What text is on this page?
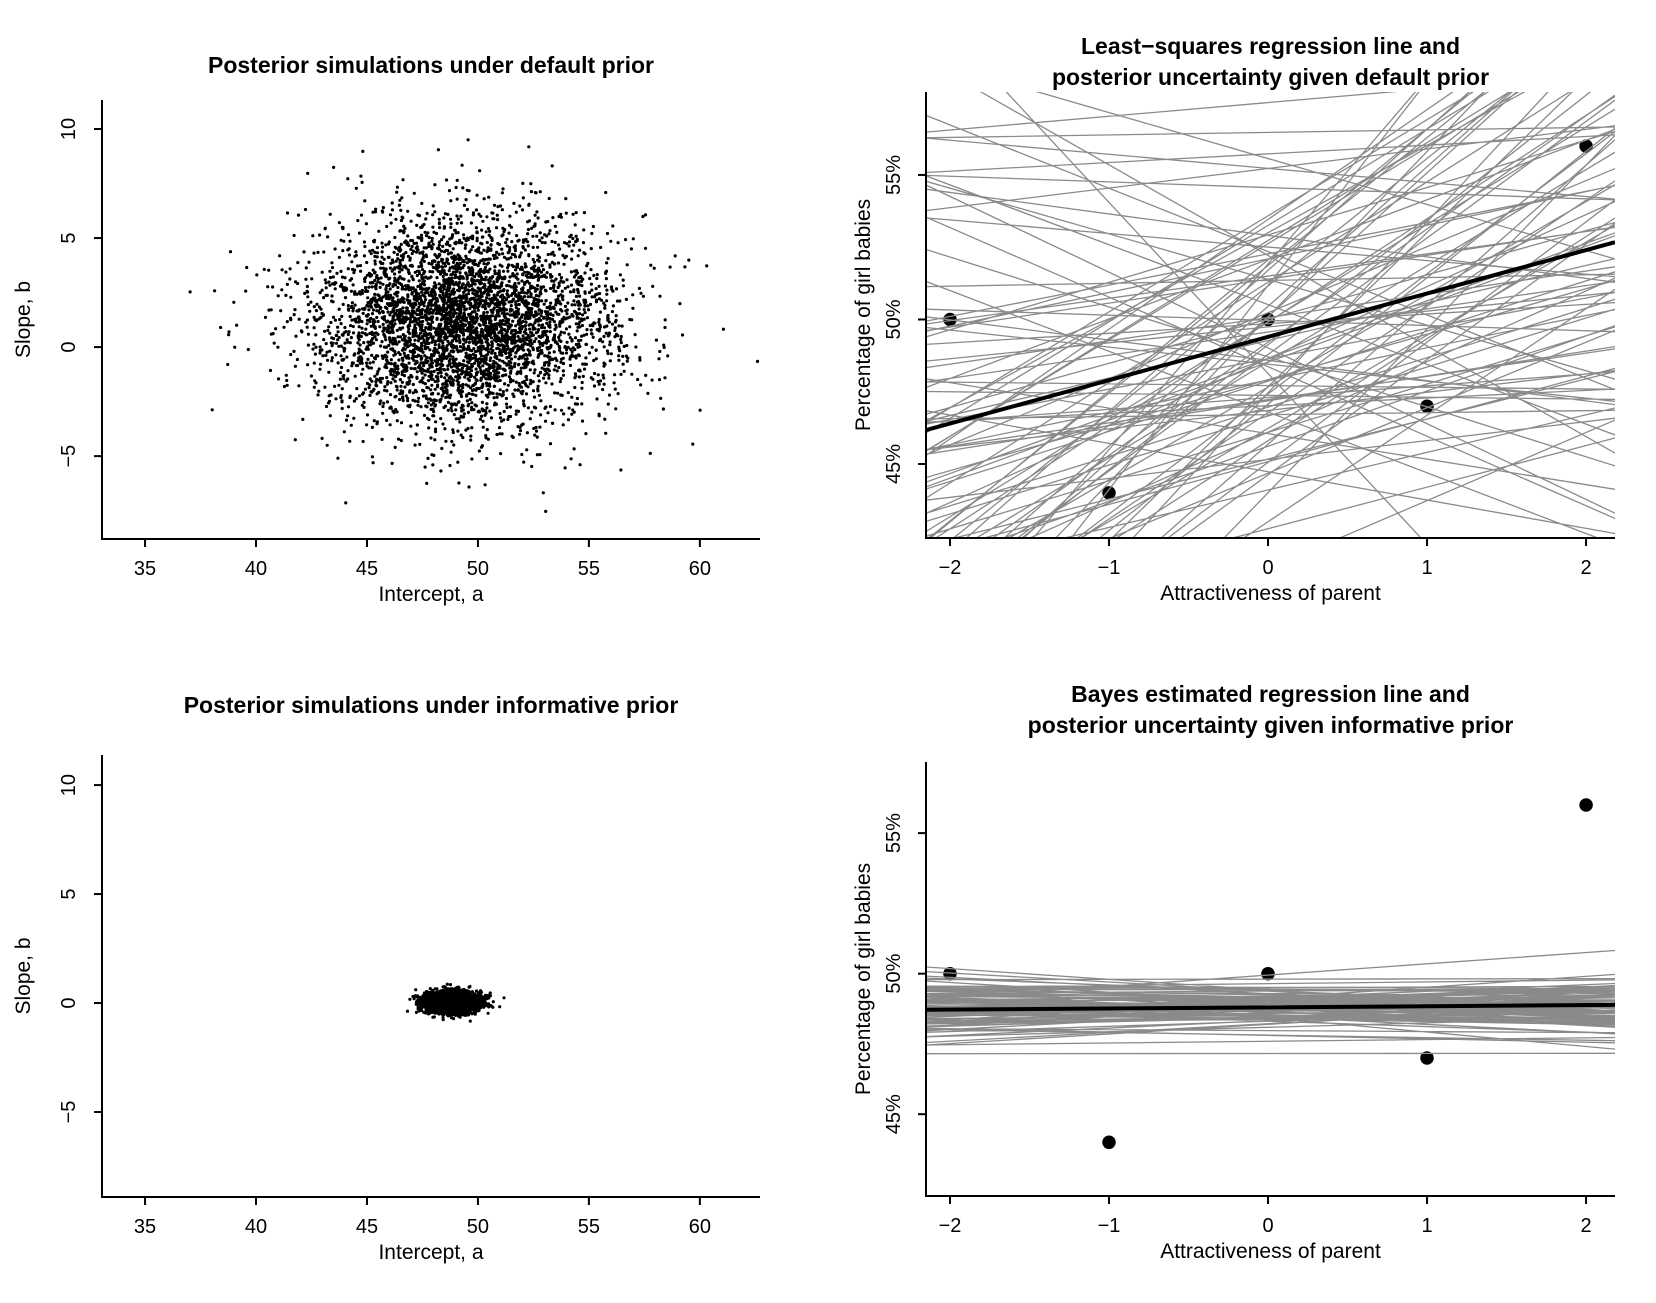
Posterior simulations under default prior
35	40	45	50	55	60
−5
0
5
10
Intercept, a
Slope, b
Least−squares regression line and
posterior uncertainty given default prior
−2	−1	0	1	2
45%
50%
55%
Attractiveness of parent
Percentage of girl babies
Posterior simulations under informative prior
35	40	45	50	55	60
−5
0
5
10
Intercept, a
Slope, b
Bayes estimated regression line and
posterior uncertainty given informative prior
−2	−1	0	1	2
45%
50%
55%
Attractiveness of parent
Percentage of girl babies
